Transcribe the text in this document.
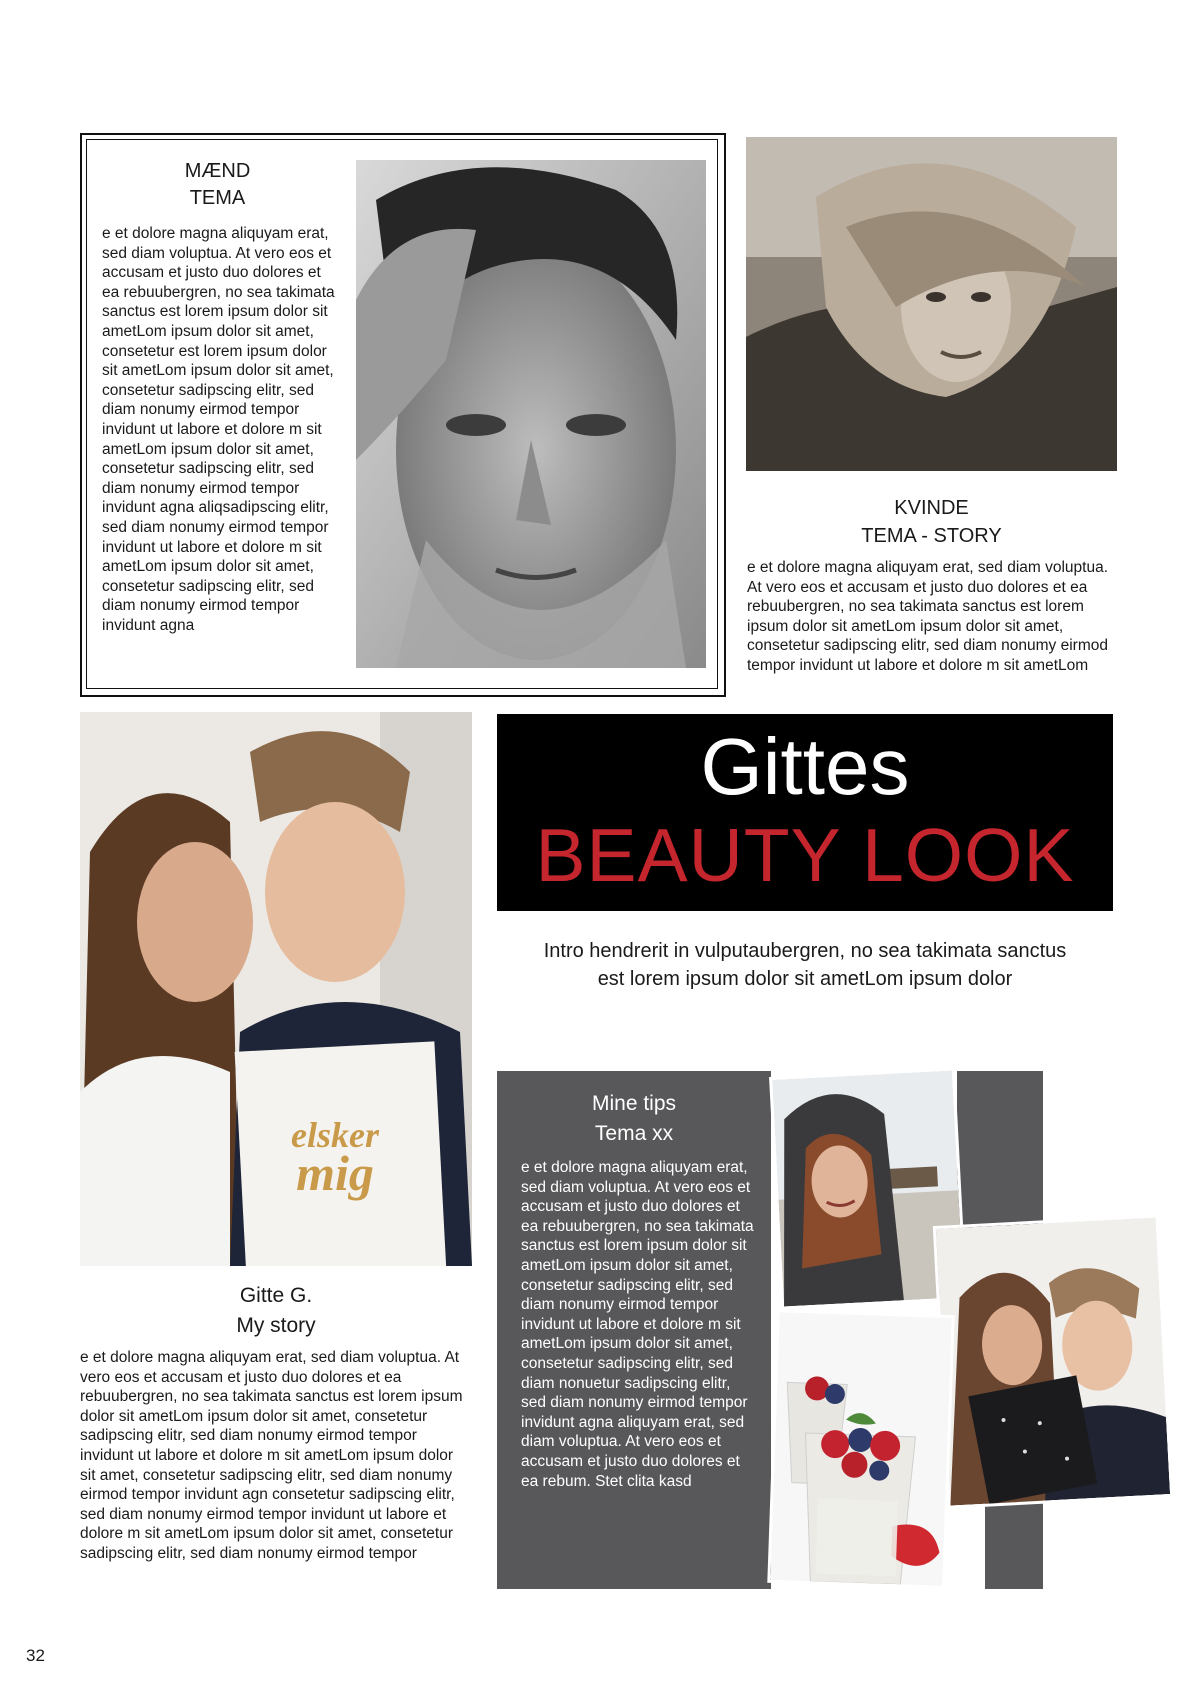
MÆND
TEMA
e et dolore magna aliquyam erat, sed diam voluptua. At vero eos et accusam et justo duo dolores et ea rebuubergren, no sea takimata sanctus est lorem ipsum dolor sit ametLom ipsum dolor sit amet, consetetur est lorem ipsum dolor sit ametLom ipsum dolor sit amet, consetetur sadipscing elitr, sed diam nonumy eirmod tempor invidunt ut labore et dolore m sit ametLom ipsum dolor sit amet, consetetur sadipscing elitr, sed diam nonumy eirmod tempor invidunt agna aliqsadipscing elitr, sed diam nonumy eirmod tempor invidunt ut labore et dolore m sit ametLom ipsum dolor sit amet, consetetur sadipscing elitr, sed diam nonumy eirmod tempor invidunt agna
KVINDE
TEMA - STORY
e et dolore magna aliquyam erat, sed diam voluptua. At vero eos et accusam et justo duo dolores et ea rebuubergren, no sea takimata sanctus est lorem ipsum dolor sit ametLom ipsum dolor sit amet, consetetur sadipscing elitr, sed diam nonumy eirmod tempor invidunt ut labore et dolore m sit ametLom
elsker
mig
Gitte G.
My story
e et dolore magna aliquyam erat, sed diam voluptua. At vero eos et accusam et justo duo dolores et ea rebuubergren, no sea takimata sanctus est lorem ipsum dolor sit ametLom ipsum dolor sit amet, consetetur sadipscing elitr, sed diam nonumy eirmod tempor invidunt ut labore et dolore m sit ametLom ipsum dolor sit amet, consetetur sadipscing elitr, sed diam nonumy eirmod tempor invidunt agn consetetur sadipscing elitr, sed diam nonumy eirmod tempor invidunt ut labore et dolore m sit ametLom ipsum dolor sit amet, consetetur sadipscing elitr, sed diam nonumy eirmod tempor
Gittes
BEAUTY LOOK
Intro hendrerit in vulputaubergren, no sea takimata sanctus
est lorem ipsum dolor sit ametLom ipsum dolor
Mine tips
Tema xx
e et dolore magna aliquyam erat, sed diam voluptua. At vero eos et accusam et justo duo dolores et ea rebuubergren, no sea takimata sanctus est lorem ipsum dolor sit ametLom ipsum dolor sit amet, consetetur sadipscing elitr, sed diam nonumy eirmod tempor invidunt ut labore et dolore m sit ametLom ipsum dolor sit amet, consetetur sadipscing elitr, sed diam nonuetur sadipscing elitr, sed diam nonumy eirmod tempor invidunt agna aliquyam erat, sed diam voluptua. At vero eos et accusam et justo duo dolores et ea rebum. Stet clita kasd
32
